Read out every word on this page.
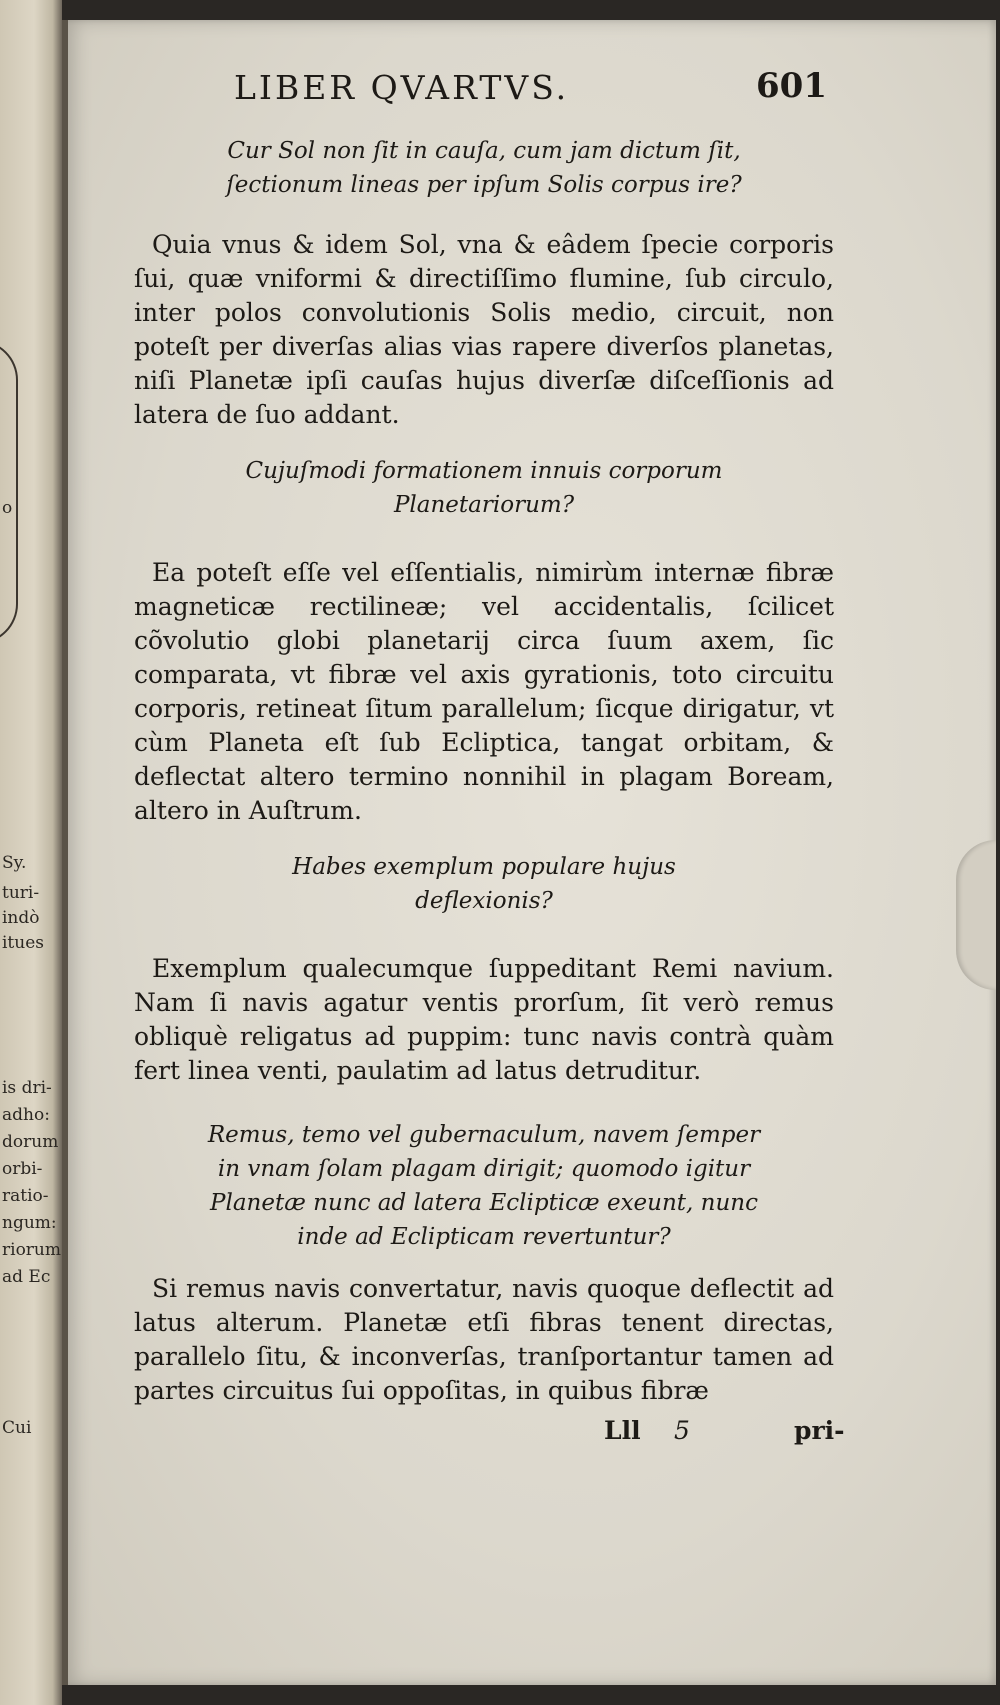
o
Sy.
turi-
indò
itues
is dri-
adho:
dorum
orbi-
ratio-
ngum:
riorum
ad Ec
Cui
LIBER QVARTVS.	601

Cur Sol non ſit in cauſa, cum jam dictum ſit, ſectionum lineas per ipſum Solis corpus ire?

Quia vnus & idem Sol, vna & eâdem ſpecie corporis ſui, quæ vniformi & directiſſimo flumine, ſub circulo, inter polos convolutionis Solis medio, circuit, non poteſt per diverſas alias vias rapere diverſos planetas, niſi Planetæ ipſi cauſas hujus diverſæ diſceſſionis ad latera de ſuo addant.

Cujuſmodi formationem innuis corporum Planetariorum?

Ea poteſt eſſe vel eſſentialis, nimirùm internæ fibræ magneticæ rectilineæ; vel accidentalis, ſcilicet cõvolutio globi planetarij circa ſuum axem, ſic comparata, vt fibræ vel axis gyrationis, toto circuitu corporis, retineat ſitum parallelum; ſicque dirigatur, vt cùm Planeta eſt ſub Ecliptica, tangat orbitam, & deflectat altero termino nonnihil in plagam Boream, altero in Auſtrum.

Habes exemplum populare hujus deflexionis?

Exemplum qualecumque ſuppeditant Remi navium. Nam ſi navis agatur ventis prorſum, ſit verò remus obliquè religatus ad puppim: tunc navis contrà quàm fert linea venti, paulatim ad latus detruditur.

Remus, temo vel gubernaculum, navem ſemper in vnam ſolam plagam dirigit; quomodo igitur Planetæ nunc ad latera Eclipticæ exeunt, nunc inde ad Eclipticam revertuntur?

Si remus navis convertatur, navis quoque deflectit ad latus alterum. Planetæ etſi fibras tenent directas, parallelo ſitu, & inconverſas, tranſportantur tamen ad partes circuitus ſui oppoſitas, in quibus fibræ

Lll 5	pri-
